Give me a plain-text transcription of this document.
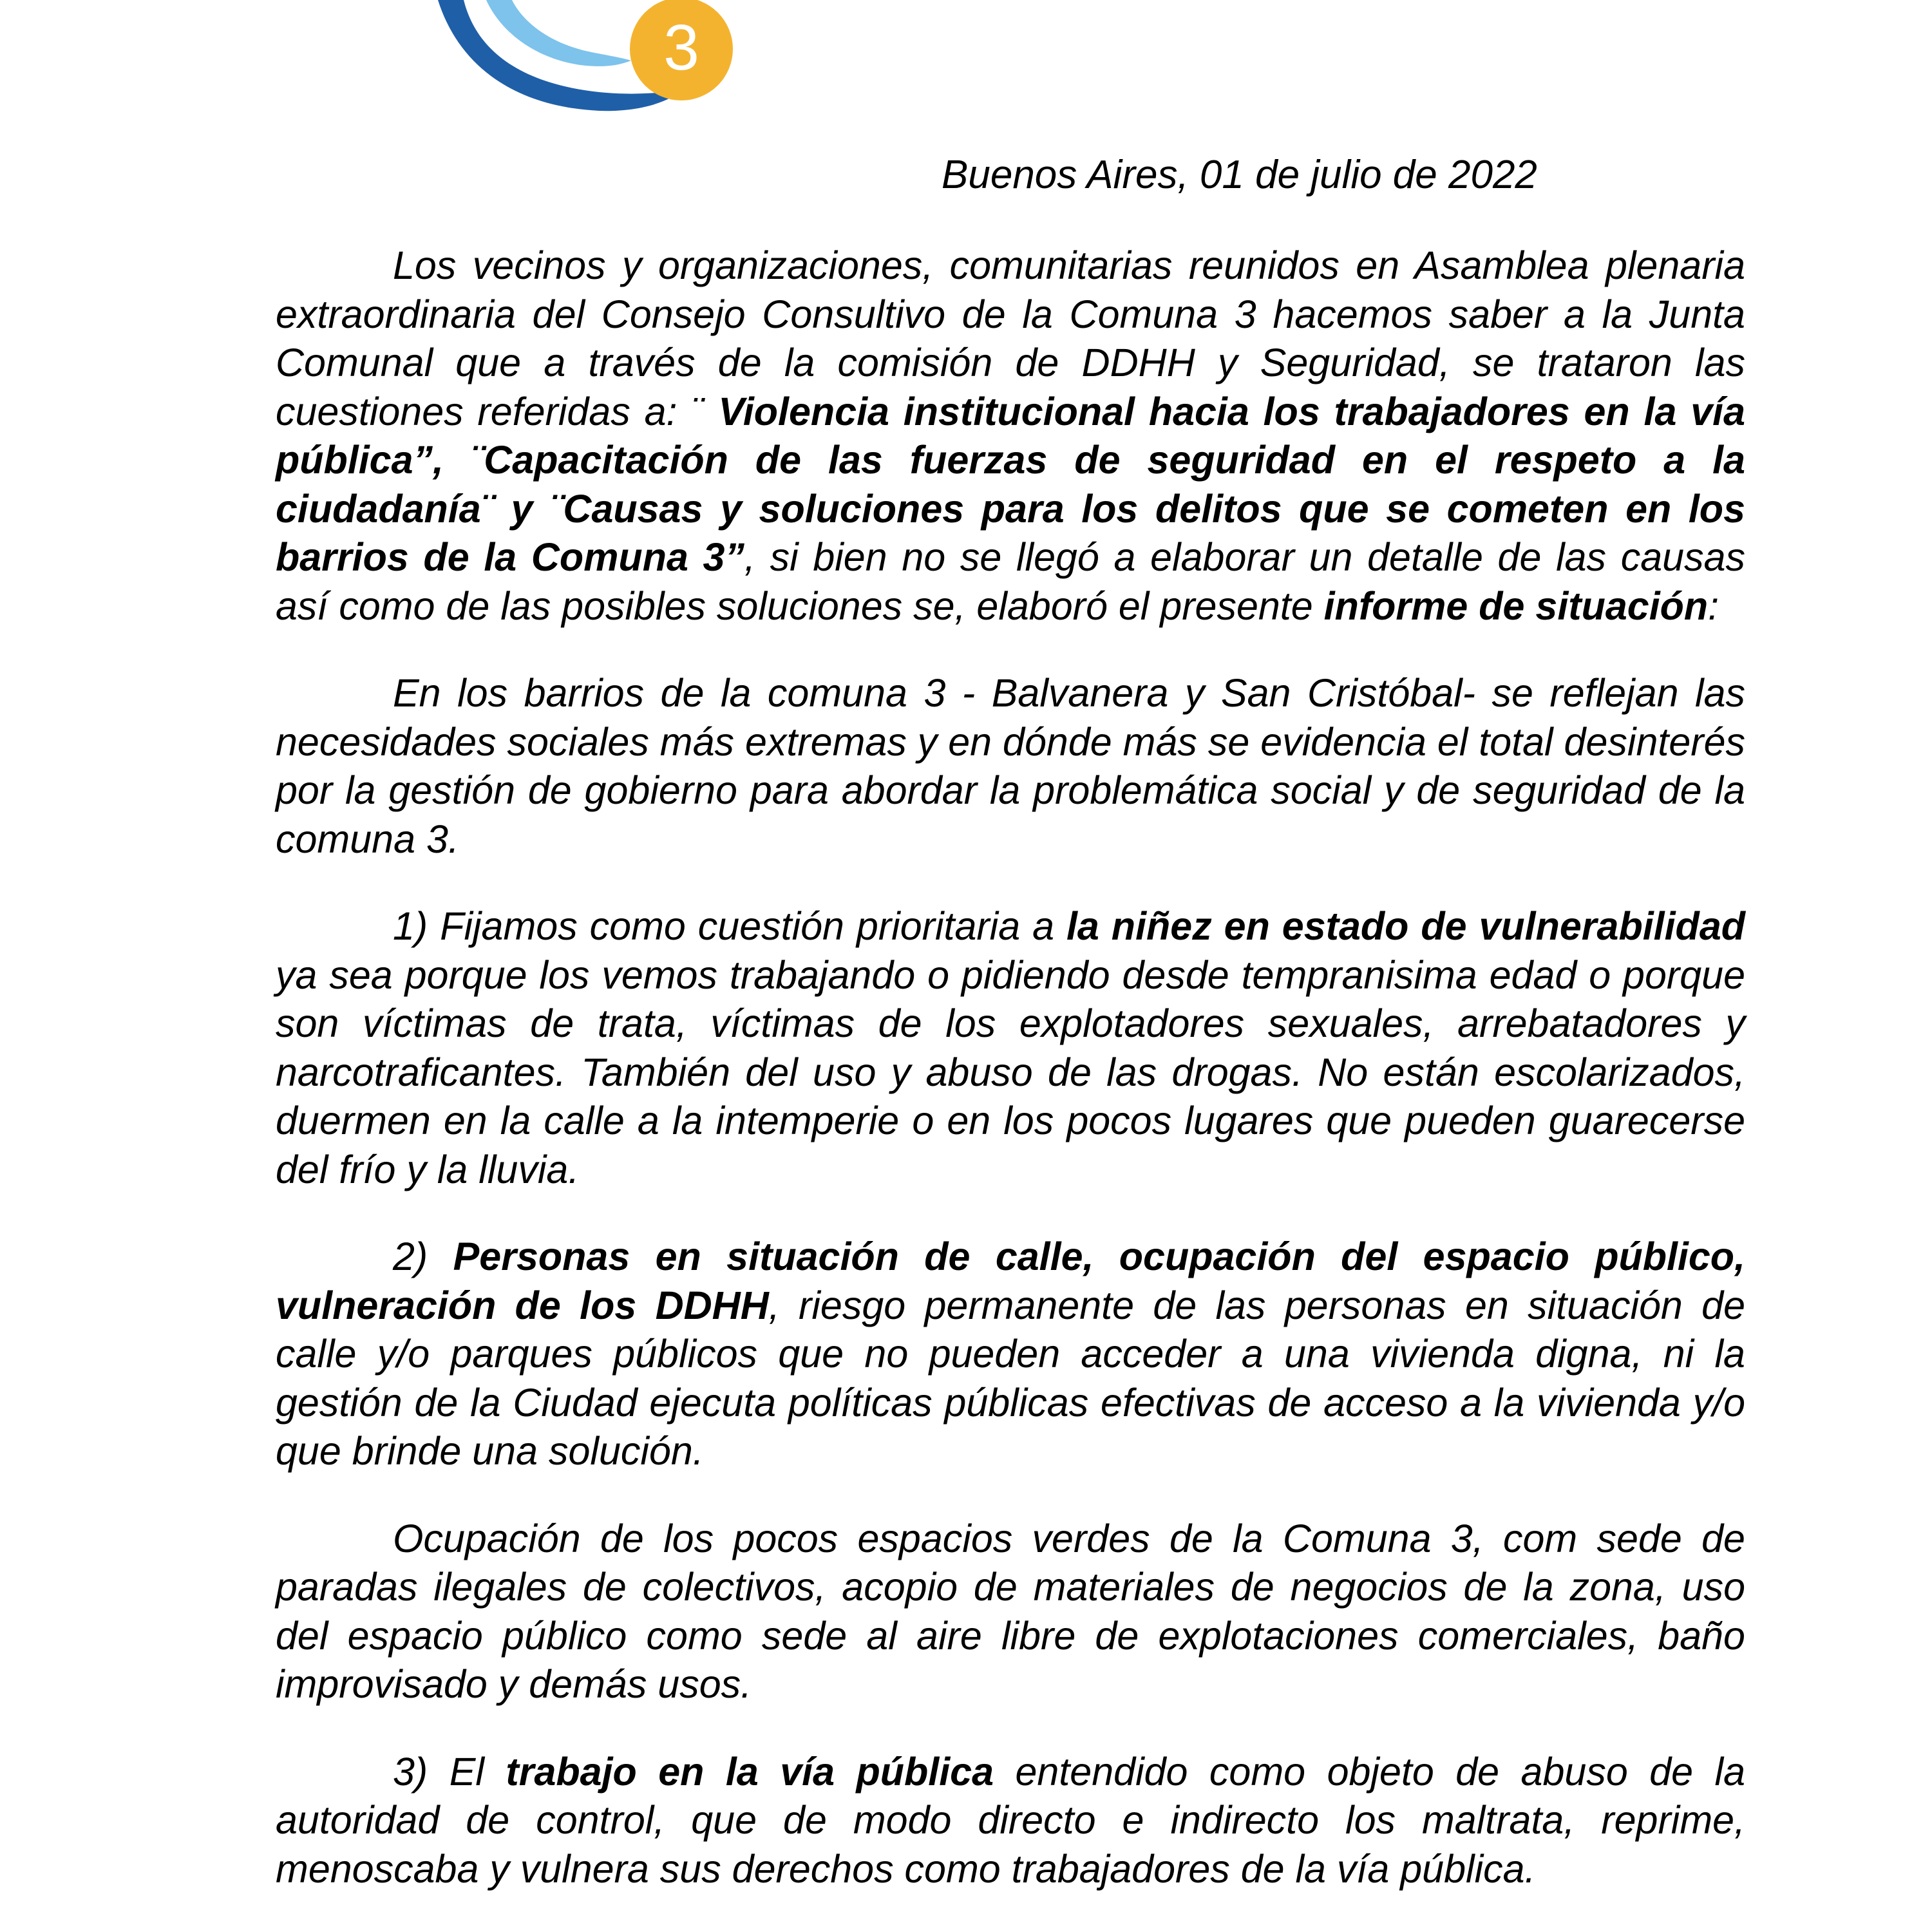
3
Buenos Aires, 01 de julio de 2022

Los vecinos y organizaciones, comunitarias reunidos en Asamblea plenaria extraordinaria del Consejo Consultivo de la Comuna 3 hacemos saber a la Junta Comunal que a través de la comisión de DDHH y Seguridad, se trataron las cuestiones referidas a: ¨ Violencia institucional hacia los trabajadores en la vía pública”, ¨Capacitación de las fuerzas de seguridad en el respeto a la ciudadanía¨ y ¨Causas y soluciones para los delitos que se cometen en los barrios de la Comuna 3”, si bien no se llegó a elaborar un detalle de las causas así como de las posibles soluciones se, elaboró el presente informe de situación:

En los barrios de la comuna 3 - Balvanera y San Cristóbal- se reflejan las necesidades sociales más extremas y en dónde más se evidencia el total desinterés por la gestión de gobierno para abordar la problemática social y de seguridad de la comuna 3.

1) Fijamos como cuestión prioritaria a la niñez en estado de vulnerabilidad ya sea porque los vemos trabajando o pidiendo desde tempranisima edad o porque son víctimas de trata, víctimas de los explotadores sexuales, arrebatadores y narcotraficantes. También del uso y abuso de las drogas. No están escolarizados, duermen en la calle a la intemperie o en los pocos lugares que pueden guarecerse del frío y la lluvia.

2) Personas en situación de calle, ocupación del espacio público, vulneración de los DDHH, riesgo permanente de las personas en situación de calle y/o parques públicos que no pueden acceder a una vivienda digna, ni la gestión de la Ciudad ejecuta políticas públicas efectivas de acceso a la vivienda y/o que brinde una solución.

Ocupación de los pocos espacios verdes de la Comuna 3, com sede de paradas ilegales de colectivos, acopio de materiales de negocios de la zona, uso del espacio público como sede al aire libre de explotaciones comerciales, baño improvisado y demás usos.

3) El trabajo en la vía pública entendido como objeto de abuso de la autoridad de control, que de modo directo e indirecto los maltrata, reprime, menoscaba y vulnera sus derechos como trabajadores de la vía pública.
